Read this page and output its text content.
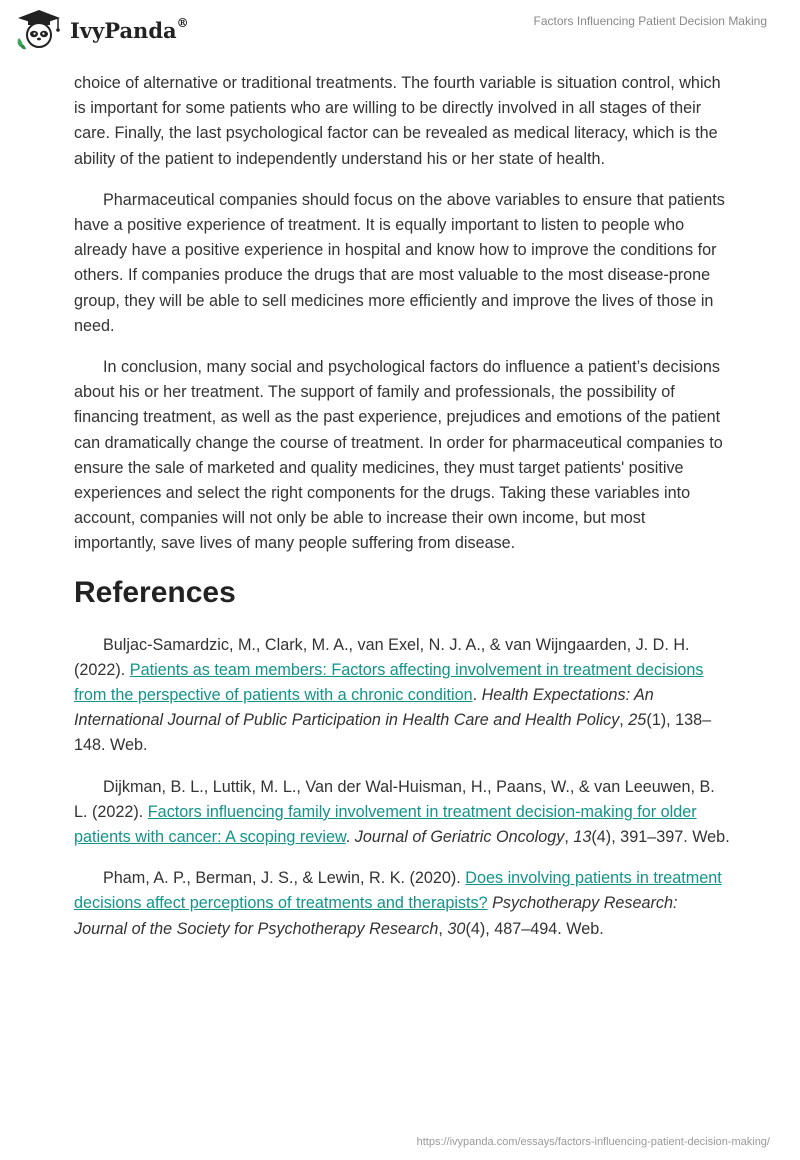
IvyPanda®	Factors Influencing Patient Decision Making

choice of alternative or traditional treatments. The fourth variable is situation control, which is important for some patients who are willing to be directly involved in all stages of their care. Finally, the last psychological factor can be revealed as medical literacy, which is the ability of the patient to independently understand his or her state of health.

Pharmaceutical companies should focus on the above variables to ensure that patients have a positive experience of treatment. It is equally important to listen to people who already have a positive experience in hospital and know how to improve the conditions for others. If companies produce the drugs that are most valuable to the most disease-prone group, they will be able to sell medicines more efficiently and improve the lives of those in need.

In conclusion, many social and psychological factors do influence a patient’s decisions about his or her treatment. The support of family and professionals, the possibility of financing treatment, as well as the past experience, prejudices and emotions of the patient can dramatically change the course of treatment. In order for pharmaceutical companies to ensure the sale of marketed and quality medicines, they must target patients' positive experiences and select the right components for the drugs. Taking these variables into account, companies will not only be able to increase their own income, but most importantly, save lives of many people suffering from disease.

References

Buljac-Samardzic, M., Clark, M. A., van Exel, N. J. A., & van Wijngaarden, J. D. H. (2022). Patients as team members: Factors affecting involvement in treatment decisions from the perspective of patients with a chronic condition. Health Expectations: An International Journal of Public Participation in Health Care and Health Policy, 25(1), 138–148. Web.

Dijkman, B. L., Luttik, M. L., Van der Wal-Huisman, H., Paans, W., & van Leeuwen, B. L. (2022). Factors influencing family involvement in treatment decision-making for older patients with cancer: A scoping review. Journal of Geriatric Oncology, 13(4), 391–397. Web.

Pham, A. P., Berman, J. S., & Lewin, R. K. (2020). Does involving patients in treatment decisions affect perceptions of treatments and therapists? Psychotherapy Research: Journal of the Society for Psychotherapy Research, 30(4), 487–494. Web.

https://ivypanda.com/essays/factors-influencing-patient-decision-making/
